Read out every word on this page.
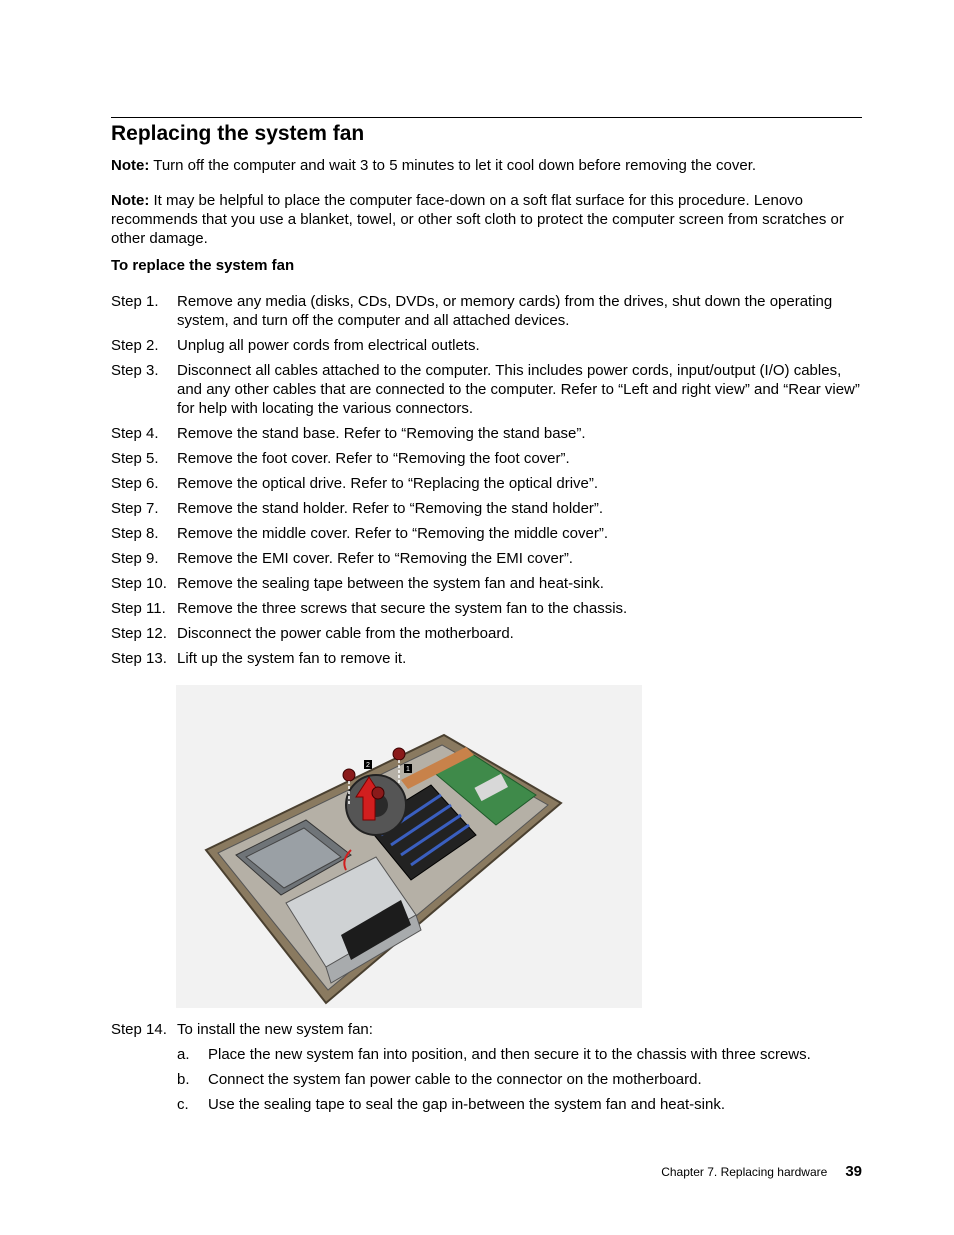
Replacing the system fan

Note: Turn off the computer and wait 3 to 5 minutes to let it cool down before removing the cover.

Note: It may be helpful to place the computer face-down on a soft flat surface for this procedure. Lenovo recommends that you use a blanket, towel, or other soft cloth to protect the computer screen from scratches or other damage.

To replace the system fan

Step 1.	Remove any media (disks, CDs, DVDs, or memory cards) from the drives, shut down the operating system, and turn off the computer and all attached devices.
Step 2.	Unplug all power cords from electrical outlets.
Step 3.	Disconnect all cables attached to the computer. This includes power cords, input/output (I/O) cables, and any other cables that are connected to the computer. Refer to “Left and right view” and “Rear view” for help with locating the various connectors.
Step 4.	Remove the stand base. Refer to “Removing the stand base”.
Step 5.	Remove the foot cover. Refer to “Removing the foot cover”.
Step 6.	Remove the optical drive. Refer to “Replacing the optical drive”.
Step 7.	Remove the stand holder. Refer to “Removing the stand holder”.
Step 8.	Remove the middle cover. Refer to “Removing the middle cover”.
Step 9.	Remove the EMI cover. Refer to “Removing the EMI cover”.
Step 10. Remove the sealing tape between the system fan and heat-sink.
Step 11. Remove the three screws that secure the system fan to the chassis.
Step 12. Disconnect the power cable from the motherboard.
Step 13. Lift up the system fan to remove it.
2
1
Step 14. To install the new system fan:
a.	Place the new system fan into position, and then secure it to the chassis with three screws.
b.	Connect the system fan power cable to the connector on the motherboard.
c.	Use the sealing tape to seal the gap in-between the system fan and heat-sink.
Chapter 7. Replacing hardware 39
